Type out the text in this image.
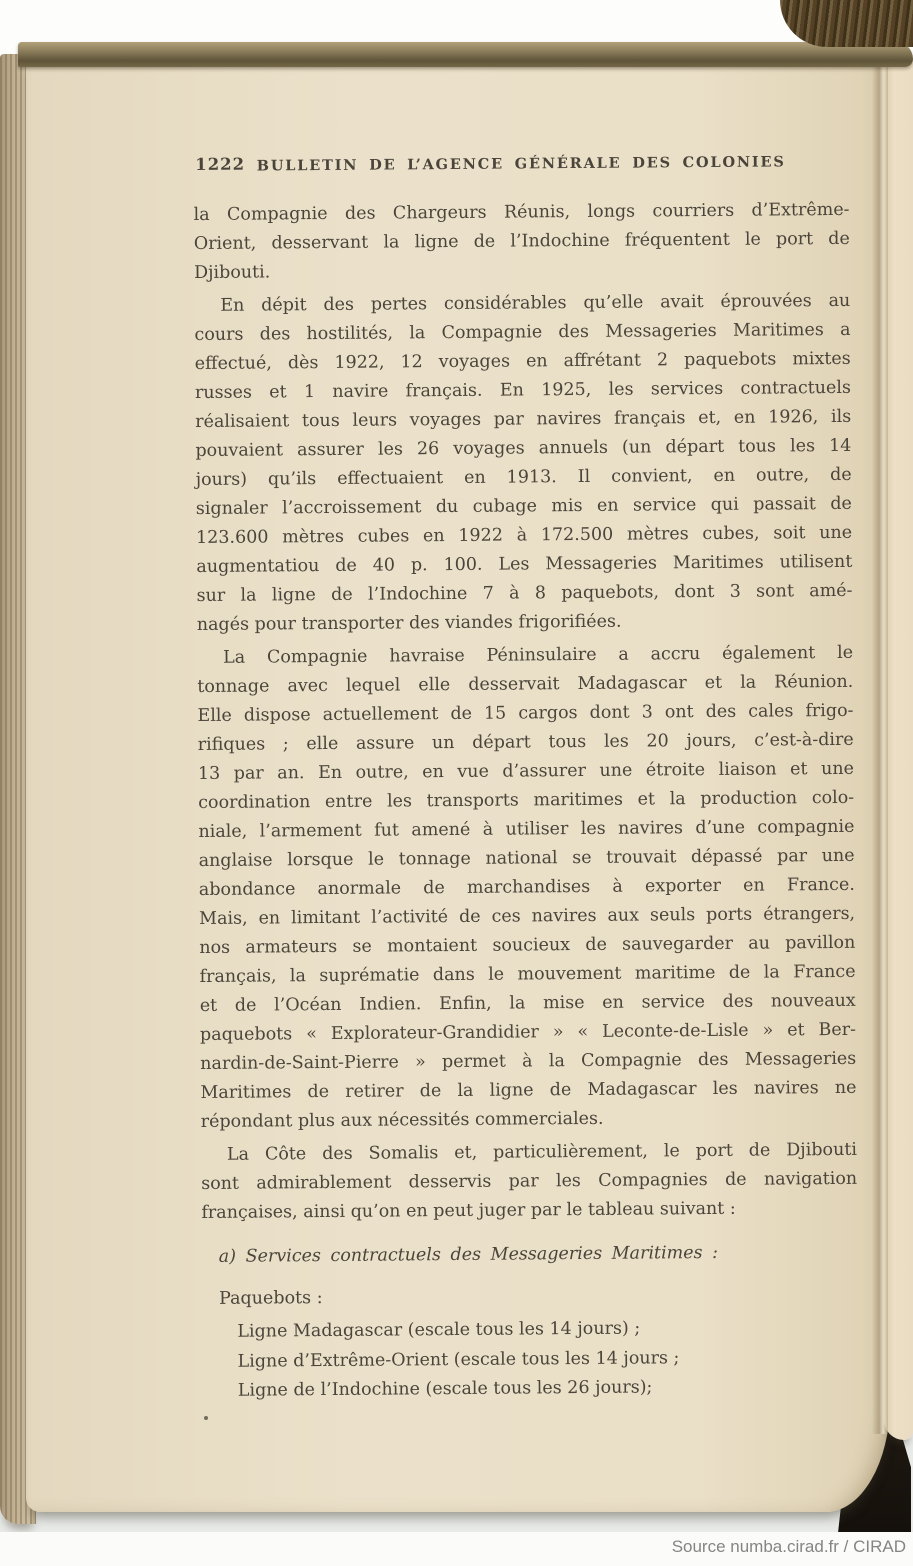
1222 BULLETIN DE L’AGENCE GÉNÉRALE DES COLONIES
la Compagnie des Chargeurs Réunis, longs courriers d’Extrême-
Orient, desservant la ligne de l’Indochine fréquentent le port de
Djibouti.
En dépit des pertes considérables qu’elle avait éprouvées au
cours des hostilités, la Compagnie des Messageries Maritimes a
effectué, dès 1922, 12 voyages en affrétant 2 paquebots mixtes
russes et 1 navire français. En 1925, les services contractuels
réalisaient tous leurs voyages par navires français et, en 1926, ils
pouvaient assurer les 26 voyages annuels (un départ tous les 14
jours) qu’ils effectuaient en 1913. Il convient, en outre, de
signaler l’accroissement du cubage mis en service qui passait de
123.600 mètres cubes en 1922 à 172.500 mètres cubes, soit une
augmentatiou de 40 p. 100. Les Messageries Maritimes utilisent
sur la ligne de l’Indochine 7 à 8 paquebots, dont 3 sont amé-
nagés pour transporter des viandes frigorifiées.
La Compagnie havraise Péninsulaire a accru également le
tonnage avec lequel elle desservait Madagascar et la Réunion.
Elle dispose actuellement de 15 cargos dont 3 ont des cales frigo-
rifiques ; elle assure un départ tous les 20 jours, c’est-à-dire
13 par an. En outre, en vue d’assurer une étroite liaison et une
coordination entre les transports maritimes et la production colo-
niale, l’armement fut amené à utiliser les navires d’une compagnie
anglaise lorsque le tonnage national se trouvait dépassé par une
abondance anormale de marchandises à exporter en France.
Mais, en limitant l’activité de ces navires aux seuls ports étrangers,
nos armateurs se montaient soucieux de sauvegarder au pavillon
français, la suprématie dans le mouvement maritime de la France
et de l’Océan Indien. Enfin, la mise en service des nouveaux
paquebots « Explorateur-Grandidier » « Leconte-de-Lisle » et Ber-
nardin-de-Saint-Pierre » permet à la Compagnie des Messageries
Maritimes de retirer de la ligne de Madagascar les navires ne
répondant plus aux nécessités commerciales.
La Côte des Somalis et, particulièrement, le port de Djibouti
sont admirablement desservis par les Compagnies de navigation
françaises, ainsi qu’on en peut juger par le tableau suivant :
a) Services contractuels des Messageries Maritimes :
Paquebots :
Ligne Madagascar (escale tous les 14 jours) ;
Ligne d’Extrême-Orient (escale tous les 14 jours ;
Ligne de l’Indochine (escale tous les 26 jours);
Source numba.cirad.fr / CIRAD
